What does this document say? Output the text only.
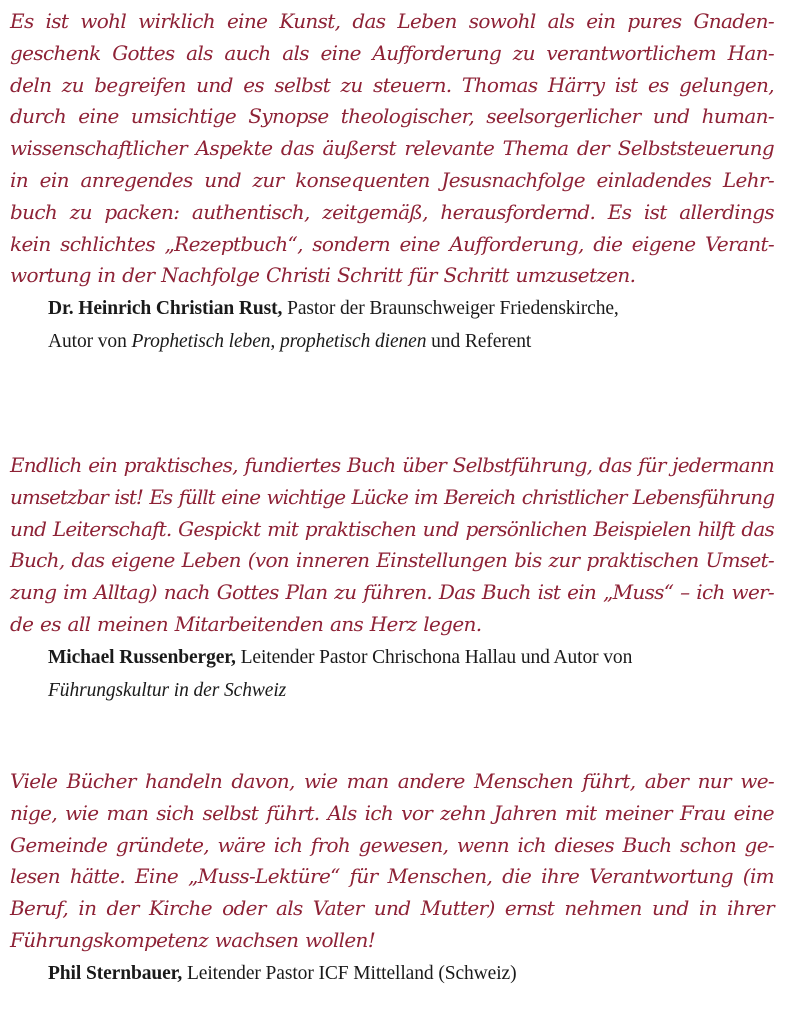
Es ist wohl wirklich eine Kunst, das Leben sowohl als ein pures Gnaden-
geschenk Gottes als auch als eine Aufforderung zu verantwortlichem Han-
deln zu begreifen und es selbst zu steuern. Thomas Härry ist es gelungen,
durch eine umsichtige Synopse theologischer, seelsorgerlicher und human-
wissenschaftlicher Aspekte das äußerst relevante Thema der Selbststeuerung
in ein anregendes und zur konsequenten Jesusnachfolge einladendes Lehr-
buch zu packen: authentisch, zeitgemäß, herausfordernd. Es ist allerdings
kein schlichtes „Rezeptbuch“, sondern eine Aufforderung, die eigene Verant-
wortung in der Nachfolge Christi Schritt für Schritt umzusetzen.

Dr. Heinrich Christian Rust, Pastor der Braunschweiger Friedenskirche,
Autor von Prophetisch leben, prophetisch dienen und Referent

Endlich ein praktisches, fundiertes Buch über Selbstführung, das für jedermann
umsetzbar ist! Es füllt eine wichtige Lücke im Bereich christlicher Lebensführung
und Leiterschaft. Gespickt mit praktischen und persönlichen Beispielen hilft das
Buch, das eigene Leben (von inneren Einstellungen bis zur praktischen Umset-
zung im Alltag) nach Gottes Plan zu führen. Das Buch ist ein „Muss“ – ich wer-
de es all meinen Mitarbeitenden ans Herz legen.

Michael Russenberger, Leitender Pastor Chrischona Hallau und Autor von
Führungskultur in der Schweiz

Viele Bücher handeln davon, wie man andere Menschen führt, aber nur we-
nige, wie man sich selbst führt. Als ich vor zehn Jahren mit meiner Frau eine
Gemeinde gründete, wäre ich froh gewesen, wenn ich dieses Buch schon ge-
lesen hätte. Eine „Muss-Lektüre“ für Menschen, die ihre Verantwortung (im
Beruf, in der Kirche oder als Vater und Mutter) ernst nehmen und in ihrer
Führungskompetenz wachsen wollen!

Phil Sternbauer, Leitender Pastor ICF Mittelland (Schweiz)
